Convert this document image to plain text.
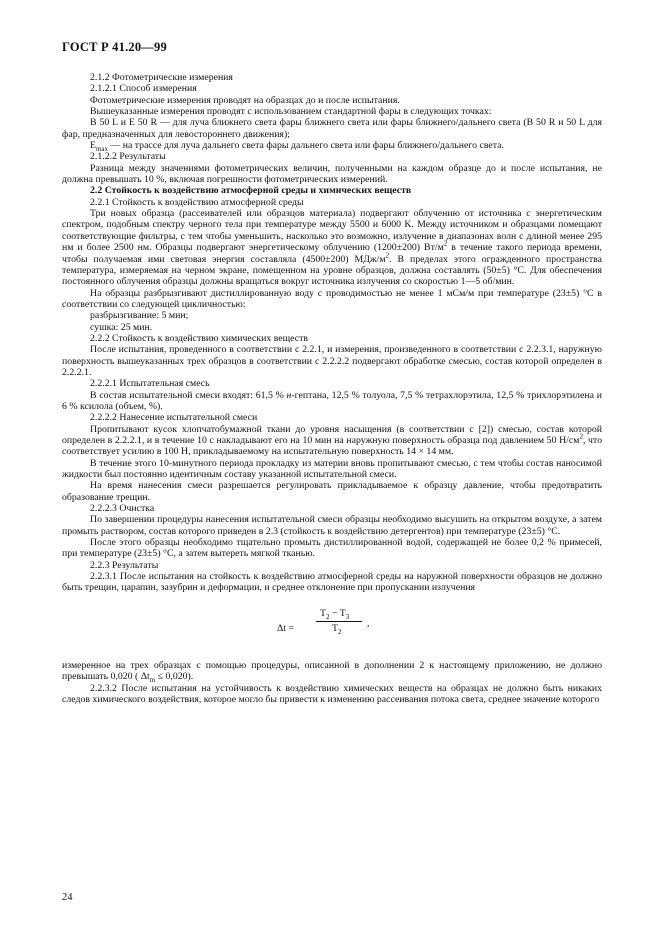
ГОСТ Р 41.20—99

2.1.2 Фотометрические измерения

2.1.2.1 Способ измерения

Фотометрические измерения проводят на образцах до и после испытания.

Вышеуказанные измерения проводят с использованием стандартной фары в следующих точках:

B 50 L и E 50 R — для луча ближнего света фары ближнего света или фары ближнего/дальнего света (B 50 R и 50 L для фар, предназначенных для левостороннего движения);

$E_{max}$ — на трассе для луча дальнего света фары дальнего света или фары ближнего/дальнего света.

2.1.2.2 Результаты

Разница между значениями фотометрических величин, полученными на каждом образце до и после испытания, не должна превышать 10 %, включая погрешности фотометрических измерений.

2.2 Стойкость к воздействию атмосферной среды и химических веществ

2.2.1 Стойкость к воздействию атмосферной среды

Три новых образца (рассеивателей или образцов материала) подвергают облучению от источника с энергетическим спектром, подобным спектру черного тела при температуре между 5500 и 6000 K. Между источником и образцами помещают соответствующие фильтры, с тем чтобы уменьшить, насколько это возможно, излучение в диапазонах волн с длиной менее 295 нм и более 2500 нм. Образцы подвергают энергетическому облучению (1200±200) $Вт/м^2$ в течение такого периода времени, чтобы получаемая ими световая энергия составляла (4500±200) МДж/$м^2$. В пределах этого огражденного пространства температура, измеряемая на черном экране, помещенном на уровне образцов, должна составлять (50±5) °С. Для обеспечения постоянного облучения образцы должны вращаться вокруг источника излучения со скоростью 1—5 об/мин.

На образцы разбрызгивают дистиллированную воду с проводимостью не менее 1 мСм/м при температуре (23±5) °С в соответствии со следующей цикличностью:

разбрызгивание: 5 мин;

сушка: 25 мин.

2.2.2 Стойкость к воздействию химических веществ

После испытания, проведенного в соответствии с 2.2.1, и измерения, произведенного в соответствии с 2.2.3.1, наружную поверхность вышеуказанных трех образцов в соответствии с 2.2.2.2 подвергают обработке смесью, состав которой определен в 2.2.2.1.

2.2.2.1 Испытательная смесь

В состав испытательной смеси входят: 61,5 % н-гептана, 12,5 % толуола, 7,5 % тетрахлорэтила, 12,5 % трихлорэтилена и 6 % ксилола (объем, %).

2.2.2.2 Нанесение испытательной смеси

Пропитывают кусок хлопчатобумажной ткани до уровня насыщения (в соответствии с [2]) смесью, состав которой определен в 2.2.2.1, и в течение 10 с накладывают его на 10 мин на наружную поверхность образца под давлением 50 $Н/см^2$, что соответствует усилию в 100 Н, прикладываемому на испытательную поверхность 14 × 14 мм.

В течение этого 10-минутного периода прокладку из материи вновь пропитывают смесью, с тем чтобы состав наносимой жидкости был постоянно идентичным составу указанной испытательной смеси.

На время нанесения смеси разрешается регулировать прикладываемое к образцу давление, чтобы предотвратить образование трещин.

2.2.2.3 Очистка

По завершении процедуры нанесения испытательной смеси образцы необходимо высушить на открытом воздухе, а затем промыть раствором, состав которого приведен в 2.3 (стойкость к воздействию детергентов) при температуре (23±5) °С.

После этого образцы необходимо тщательно промыть дистиллированной водой, содержащей не более 0,2 % примесей, при температуре (23±5) °С, а затем вытереть мягкой тканью.

2.2.3 Результаты

2.2.3.1 После испытания на стойкость к воздействию атмосферной среды на наружной поверхности образцов не должно быть трещин, царапин, зазубрин и деформации, и среднее отклонение при пропускании излучения

Δt =
$T_2 - T_3$
$T_2$
,

измеренное на трех образцах с помощью процедуры, описанной в дополнении 2 к настоящему приложению, не должно превышать 0,020 ( $\Delta t_m \le 0,020$).

2.2.3.2 После испытания на устойчивость к воздействию химических веществ на образцах не должно быть никаких следов химического воздействия, которое могло бы привести к изменению рассеивания потока света, среднее значение которого

24
